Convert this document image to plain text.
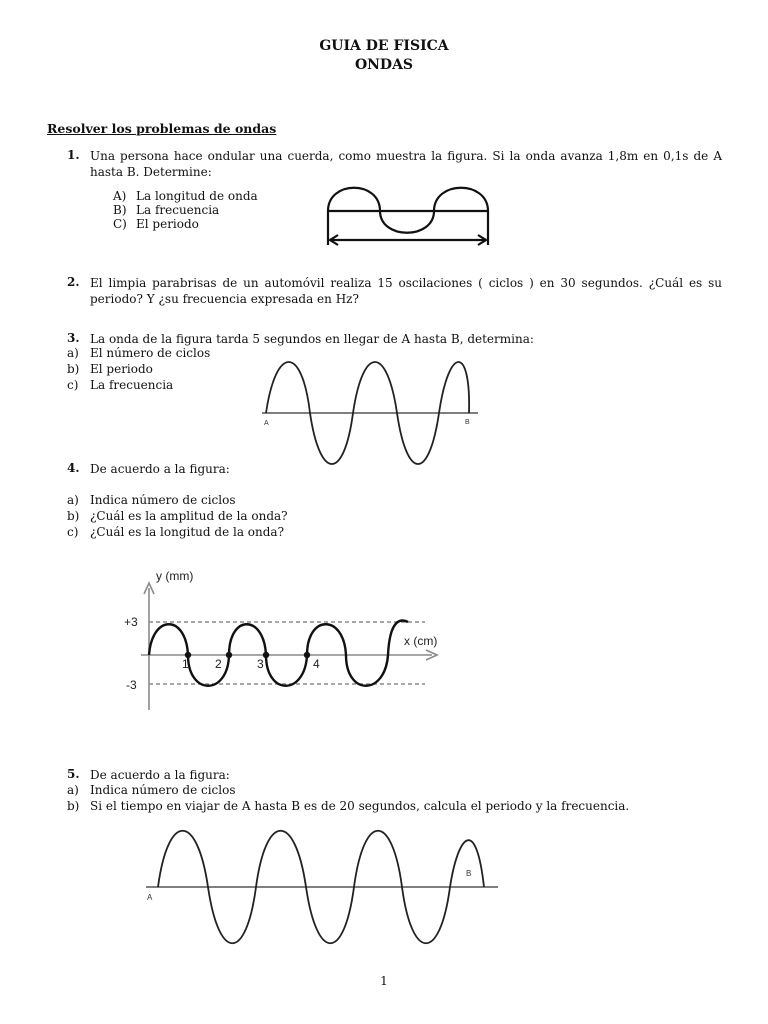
GUIA DE FISICA
ONDAS
Resolver los problemas de ondas
1. Una persona hace ondular una cuerda, como muestra la figura. Si la onda avanza 1,8m en 0,1s de A hasta B. Determine:
A) La longitud de onda
B) La frecuencia
C) El periodo
2. El limpia parabrisas de un automóvil realiza 15 oscilaciones ( ciclos ) en 30 segundos. ¿Cuál es su periodo? Y ¿su frecuencia expresada en Hz?
3. La onda de la figura tarda 5 segundos en llegar de A hasta B, determina:
a) El número de ciclos
b) El periodo
c) La frecuencia
A	B
4. De acuerdo a la figura:
a) Indica número de ciclos
b) ¿Cuál es la amplitud de la onda?
c) ¿Cuál es la longitud de la onda?
y (mm)
x (cm)
+3
-3
1 2	3	4
5. De acuerdo a la figura:
a) Indica número de ciclos
b) Si el tiempo en viajar de A hasta B es de 20 segundos, calcula el periodo y la frecuencia.
A
B
1
